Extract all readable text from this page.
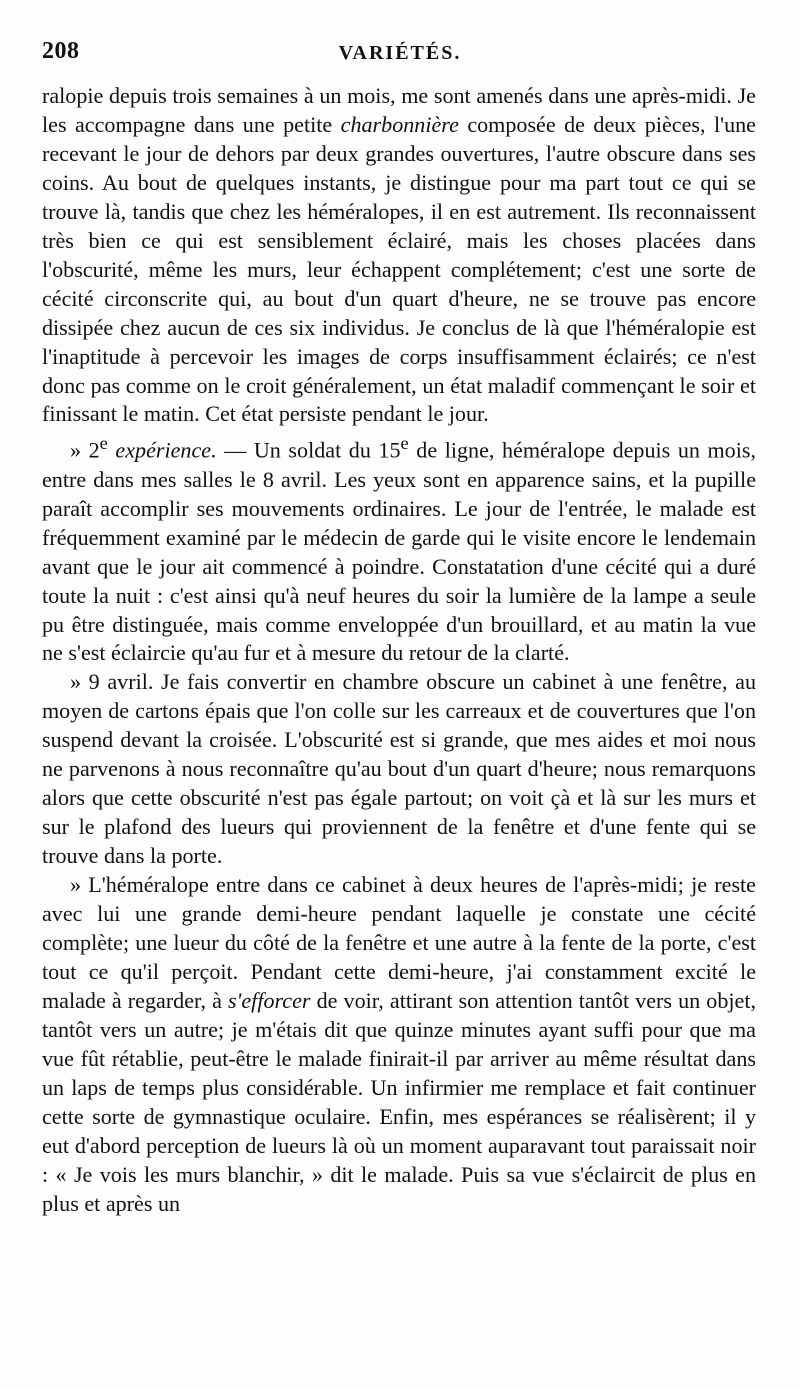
208	VARIÉTÉS.

ralopie depuis trois semaines à un mois, me sont amenés dans une après-midi. Je les accompagne dans une petite charbonnière composée de deux pièces, l'une recevant le jour de dehors par deux grandes ouvertures, l'autre obscure dans ses coins. Au bout de quelques instants, je distingue pour ma part tout ce qui se trouve là, tandis que chez les héméralopes, il en est autrement. Ils reconnaissent très bien ce qui est sensiblement éclairé, mais les choses placées dans l'obscurité, même les murs, leur échappent complétement; c'est une sorte de cécité circonscrite qui, au bout d'un quart d'heure, ne se trouve pas encore dissipée chez aucun de ces six individus. Je conclus de là que l'héméralopie est l'inaptitude à percevoir les images de corps insuffisamment éclairés; ce n'est donc pas comme on le croit généralement, un état maladif commençant le soir et finissant le matin. Cet état persiste pendant le jour.

» 2e expérience. — Un soldat du 15e de ligne, héméralope depuis un mois, entre dans mes salles le 8 avril. Les yeux sont en apparence sains, et la pupille paraît accomplir ses mouvements ordinaires. Le jour de l'entrée, le malade est fréquemment examiné par le médecin de garde qui le visite encore le lendemain avant que le jour ait commencé à poindre. Constatation d'une cécité qui a duré toute la nuit : c'est ainsi qu'à neuf heures du soir la lumière de la lampe a seule pu être distinguée, mais comme enveloppée d'un brouillard, et au matin la vue ne s'est éclaircie qu'au fur et à mesure du retour de la clarté.

» 9 avril. Je fais convertir en chambre obscure un cabinet à une fenêtre, au moyen de cartons épais que l'on colle sur les carreaux et de couvertures que l'on suspend devant la croisée. L'obscurité est si grande, que mes aides et moi nous ne parvenons à nous reconnaître qu'au bout d'un quart d'heure; nous remarquons alors que cette obscurité n'est pas égale partout; on voit çà et là sur les murs et sur le plafond des lueurs qui proviennent de la fenêtre et d'une fente qui se trouve dans la porte.

» L'héméralope entre dans ce cabinet à deux heures de l'après-midi; je reste avec lui une grande demi-heure pendant laquelle je constate une cécité complète; une lueur du côté de la fenêtre et une autre à la fente de la porte, c'est tout ce qu'il perçoit. Pendant cette demi-heure, j'ai constamment excité le malade à regarder, à s'efforcer de voir, attirant son attention tantôt vers un objet, tantôt vers un autre; je m'étais dit que quinze minutes ayant suffi pour que ma vue fût rétablie, peut-être le malade finirait-il par arriver au même résultat dans un laps de temps plus considérable. Un infirmier me remplace et fait continuer cette sorte de gymnastique oculaire. Enfin, mes espérances se réalisèrent; il y eut d'abord perception de lueurs là où un moment auparavant tout paraissait noir : « Je vois les murs blanchir, » dit le malade. Puis sa vue s'éclaircit de plus en plus et après un
